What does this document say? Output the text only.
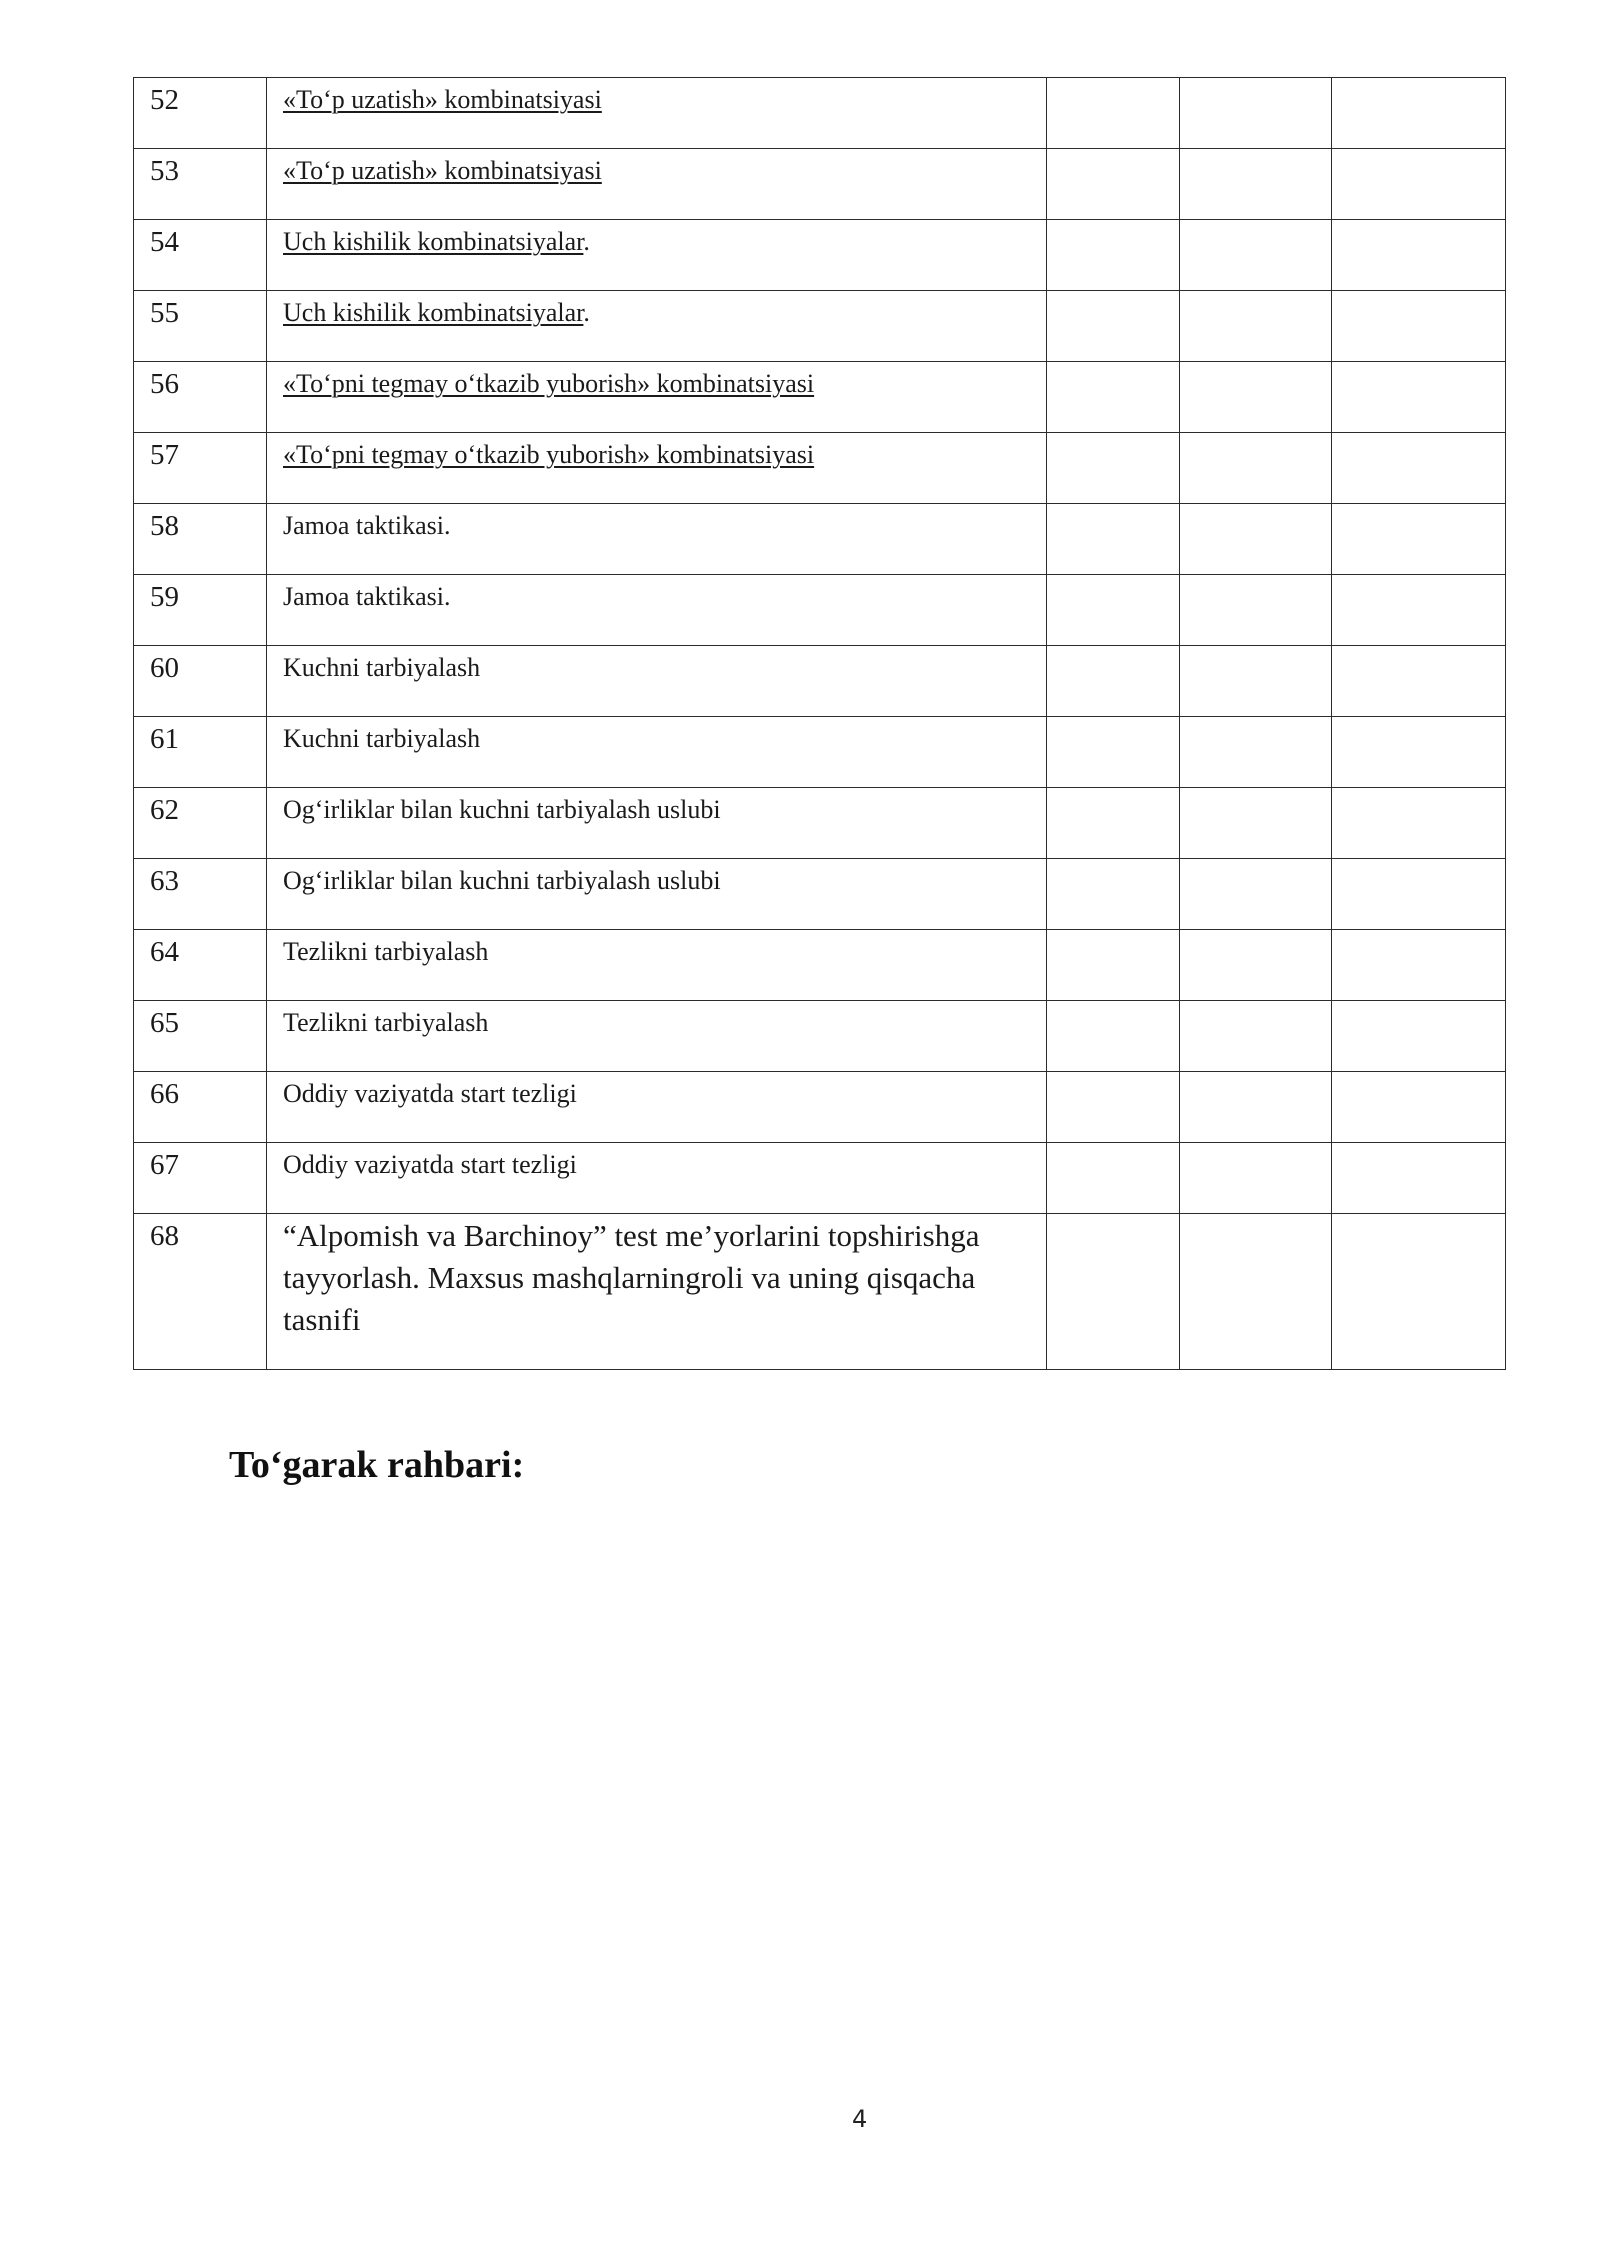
52	«To‘p uzatish» kombinatsiyasi			
53	«To‘p uzatish» kombinatsiyasi			
54	Uch kishilik kombinatsiyalar.			
55	Uch kishilik kombinatsiyalar.			
56	«To‘pni tegmay o‘tkazib yuborish» kombinatsiyasi			
57	«To‘pni tegmay o‘tkazib yuborish» kombinatsiyasi			
58	Jamoa taktikasi.			
59	Jamoa taktikasi.			
60	Kuchni tarbiyalash			
61	Kuchni tarbiyalash			
62	Og‘irliklar bilan kuchni tarbiyalash uslubi			
63	Og‘irliklar bilan kuchni tarbiyalash uslubi			
64	Tezlikni tarbiyalash			
65	Tezlikni tarbiyalash			
66	Oddiy vaziyatda start tezligi			
67	Oddiy vaziyatda start tezligi			
68	“Alpomish va Barchinoy” test me’yorlarini topshirishga tayyorlash. Maxsus mashqlarningroli va uning qisqacha tasnifi			
To‘garak rahbari:
4
